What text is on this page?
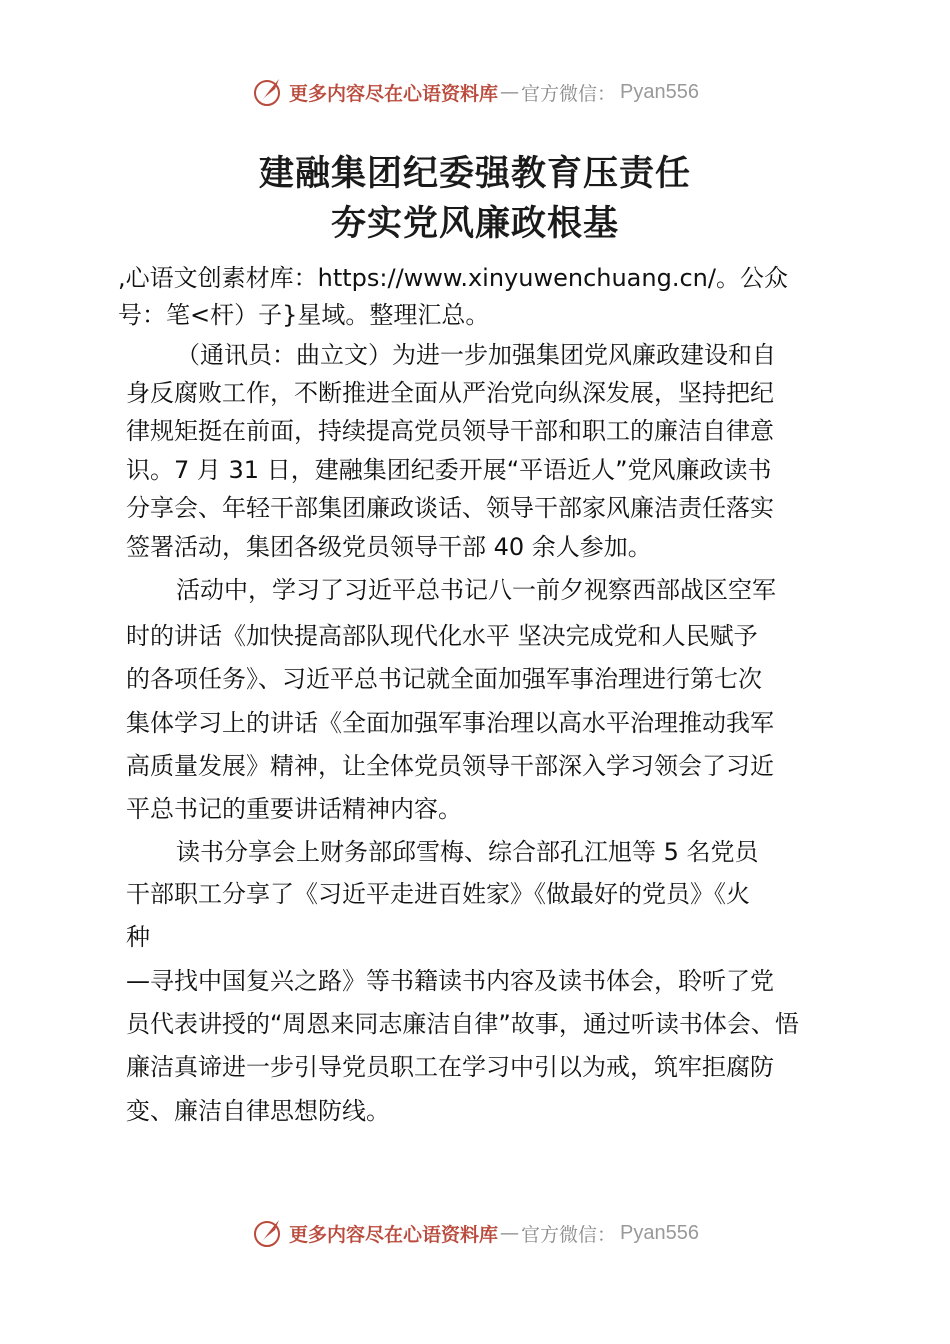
更多内容尽在心语资料库 — 官方微信： Pyan556
建融集团纪委强教育压责任
夯实党风廉政根基
,心语文创素材库：https://www.xinyuwenchuang.cn/。公众
号：笔<杆）子}星域。整理汇总。
（通讯员：曲立文）为进一步加强集团党风廉政建设和自
身反腐败工作，不断推进全面从严治党向纵深发展，坚持把纪
律规矩挺在前面，持续提高党员领导干部和职工的廉洁自律意
识。7 月 31 日，建融集团纪委开展“平语近人”党风廉政读书
分享会、年轻干部集团廉政谈话、领导干部家风廉洁责任落实
签署活动，集团各级党员领导干部 40 余人参加。
活动中，学习了习近平总书记八一前夕视察西部战区空军
时的讲话《加快提高部队现代化水平 坚决完成党和人民赋予
的各项任务》、习近平总书记就全面加强军事治理进行第七次
集体学习上的讲话《全面加强军事治理以高水平治理推动我军
高质量发展》精神，让全体党员领导干部深入学习领会了习近
平总书记的重要讲话精神内容。
读书分享会上财务部邱雪梅、综合部孔江旭等 5 名党员
干部职工分享了《习近平走进百姓家》《做最好的党员》《火
种
—寻找中国复兴之路》等书籍读书内容及读书体会，聆听了党
员代表讲授的“周恩来同志廉洁自律”故事，通过听读书体会、悟
廉洁真谛进一步引导党员职工在学习中引以为戒，筑牢拒腐防
变、廉洁自律思想防线。
更多内容尽在心语资料库 — 官方微信： Pyan556
